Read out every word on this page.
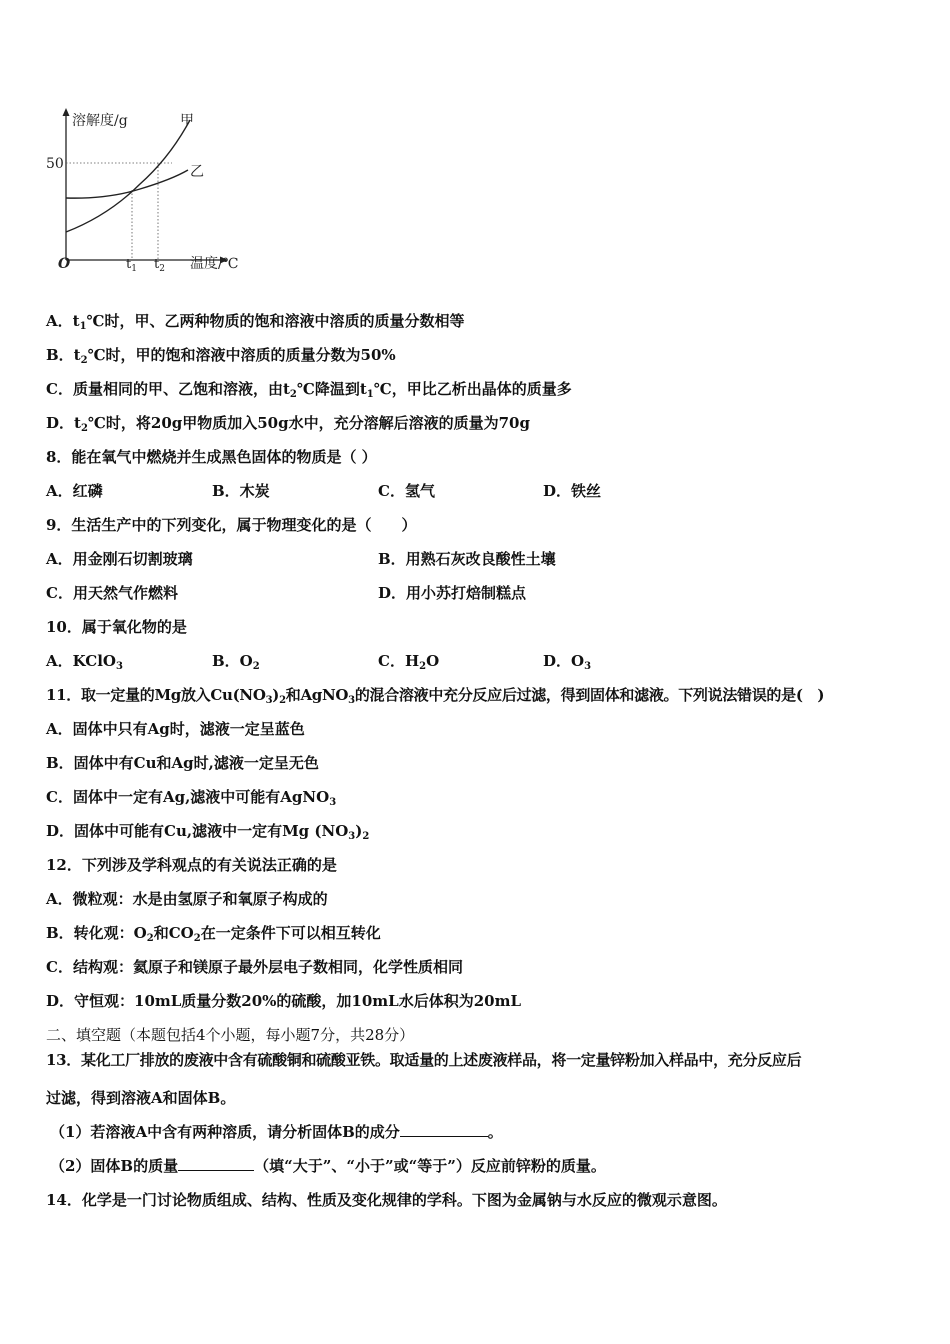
溶解度/g	甲
乙
50
O	$t_1$ $t_2$ 温度/℃
A．$t_1℃$时，甲、乙两种物质的饱和溶液中溶质的质量分数相等
B．$t_2℃$时，甲的饱和溶液中溶质的质量分数为50%
C．质量相同的甲、乙饱和溶液，由$t_2℃$降温到$t_1℃$，甲比乙析出晶体的质量多
D．$t_2℃$时，将20g甲物质加入50g水中，充分溶解后溶液的质量为70g
8．能在氧气中燃烧并生成黑色固体的物质是（ ）
A．红磷	B．木炭	C．氢气	D．铁丝
9．生活生产中的下列变化，属于物理变化的是（　　）
A．用金刚石切割玻璃	B．用熟石灰改良酸性土壤
C．用天然气作燃料	D．用小苏打焙制糕点
10．属于氧化物的是
A．KClO$_3$	B．$O_2$	C．$H_2O$	D．$O_3$
11．取一定量的Mg放入$Cu(NO_3)_2$和AgNO$_3$的混合溶液中充分反应后过滤，得到固体和滤液。下列说法错误的是(　)
A．固体中只有Ag时，滤液一定呈蓝色
B．固体中有Cu和Ag时,滤液一定呈无色
C．固体中一定有Ag,滤液中可能有AgNO$_3$
D．固体中可能有Cu,滤液中一定有Mg $(NO_3)_2$
12．下列涉及学科观点的有关说法正确的是
A．微粒观：水是由氢原子和氧原子构成的
B．转化观：$O_2$和$CO_2$在一定条件下可以相互转化
C．结构观：氦原子和镁原子最外层电子数相同，化学性质相同
D．守恒观：10mL质量分数20%的硫酸，加10mL水后体积为20mL
二、填空题（本题包括4个小题，每小题7分，共28分）
13．某化工厂排放的废液中含有硫酸铜和硫酸亚铁。取适量的上述废液样品，将一定量锌粉加入样品中，充分反应后
过滤，得到溶液A和固体B。
（1）若溶液A中含有两种溶质，请分析固体B的成分	。
（2）固体B的质量	（填“大于”、“小于”或“等于”）反应前锌粉的质量。
14．化学是一门讨论物质组成、结构、性质及变化规律的学科。下图为金属钠与水反应的微观示意图。
